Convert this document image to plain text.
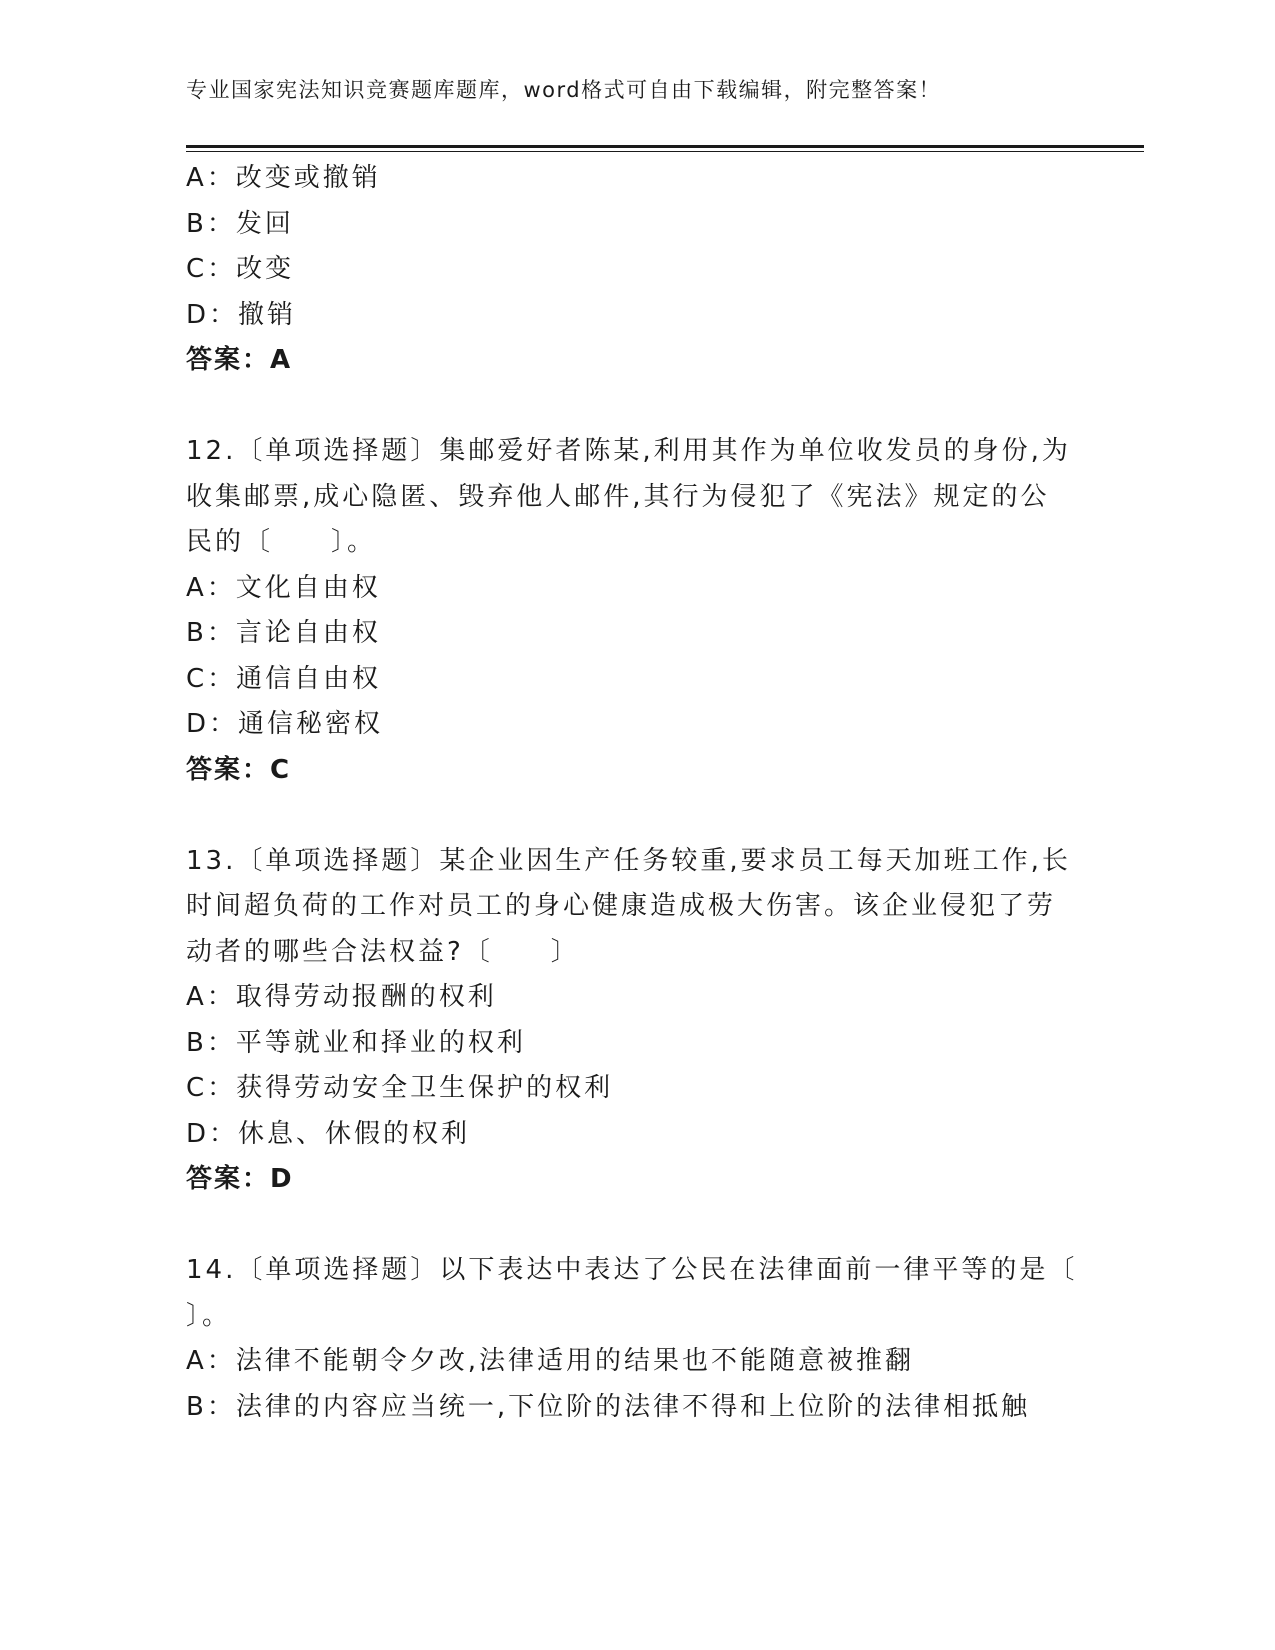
专业国家宪法知识竞赛题库题库，word格式可自由下载编辑，附完整答案！
A：改变或撤销
B：发回
C：改变
D：撤销
答案：A
12.〔单项选择题〕集邮爱好者陈某,利用其作为单位收发员的身份,为
收集邮票,成心隐匿、毁弃他人邮件,其行为侵犯了《宪法》规定的公
民的〔　　〕。
A：文化自由权
B：言论自由权
C：通信自由权
D：通信秘密权
答案：C
13.〔单项选择题〕某企业因生产任务较重,要求员工每天加班工作,长
时间超负荷的工作对员工的身心健康造成极大伤害。该企业侵犯了劳
动者的哪些合法权益?〔　　〕
A：取得劳动报酬的权利
B：平等就业和择业的权利
C：获得劳动安全卫生保护的权利
D：休息、休假的权利
答案：D
14.〔单项选择题〕以下表达中表达了公民在法律面前一律平等的是〔
〕。
A：法律不能朝令夕改,法律适用的结果也不能随意被推翻
B：法律的内容应当统一,下位阶的法律不得和上位阶的法律相抵触
